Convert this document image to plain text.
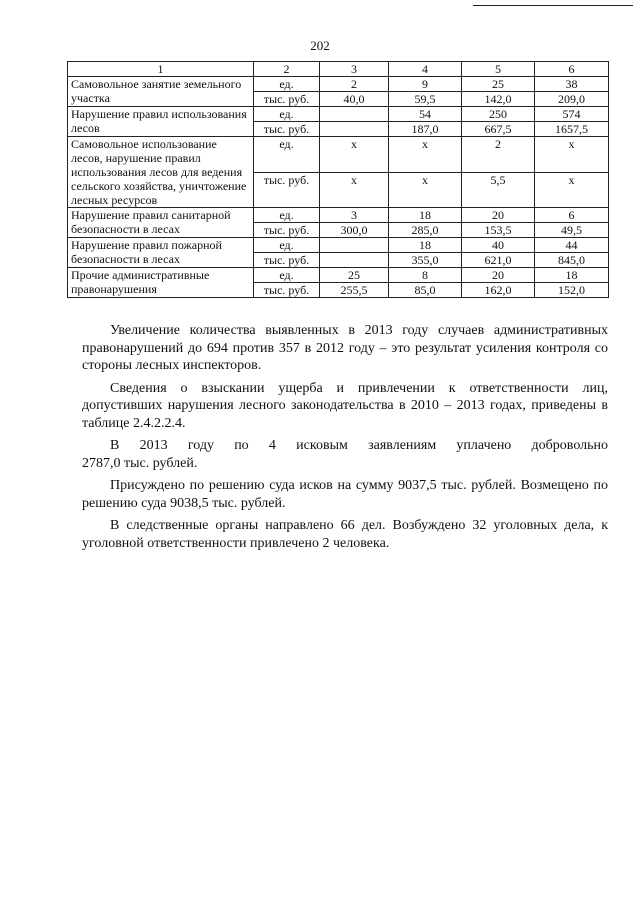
202
1	2	3	4	5	6
Самовольное занятие земельного участка	ед.	2	9	25	38
	тыс. руб.	40,0	59,5	142,0	209,0
Нарушение правил использования лесов	ед.		54	250	574
	тыс. руб.		187,0	667,5	1657,5
Самовольное использование лесов, нарушение правил использования лесов для ведения сельского хозяйства, уничтожение лесных ресурсов	ед.	х	х	2	х
	тыс. руб.	х	х	5,5	х
Нарушение правил санитарной безопасности в лесах	ед.	3	18	20	6
	тыс. руб.	300,0	285,0	153,5	49,5
Нарушение правил пожарной безопасности в лесах	ед.		18	40	44
	тыс. руб.		355,0	621,0	845,0
Прочие административные правонарушения	ед.	25	8	20	18
	тыс. руб.	255,5	85,0	162,0	152,0

Увеличение количества выявленных в 2013 году случаев административных правонарушений до 694 против 357 в 2012 году – это результат усиления контроля со стороны лесных инспекторов.

Сведения о взыскании ущерба и привлечении к ответственности лиц, допустивших нарушения лесного законодательства в 2010 – 2013 годах, приведены в таблице 2.4.2.2.4.

В 2013 году по 4 исковым заявлениям уплачено добровольно

2787,0 тыс. рублей.

Присуждено по решению суда исков на сумму 9037,5 тыс. рублей. Возмещено по решению суда 9038,5 тыс. рублей.

В следственные органы направлено 66 дел. Возбуждено 32 уголовных дела, к уголовной ответственности привлечено 2 человека.
